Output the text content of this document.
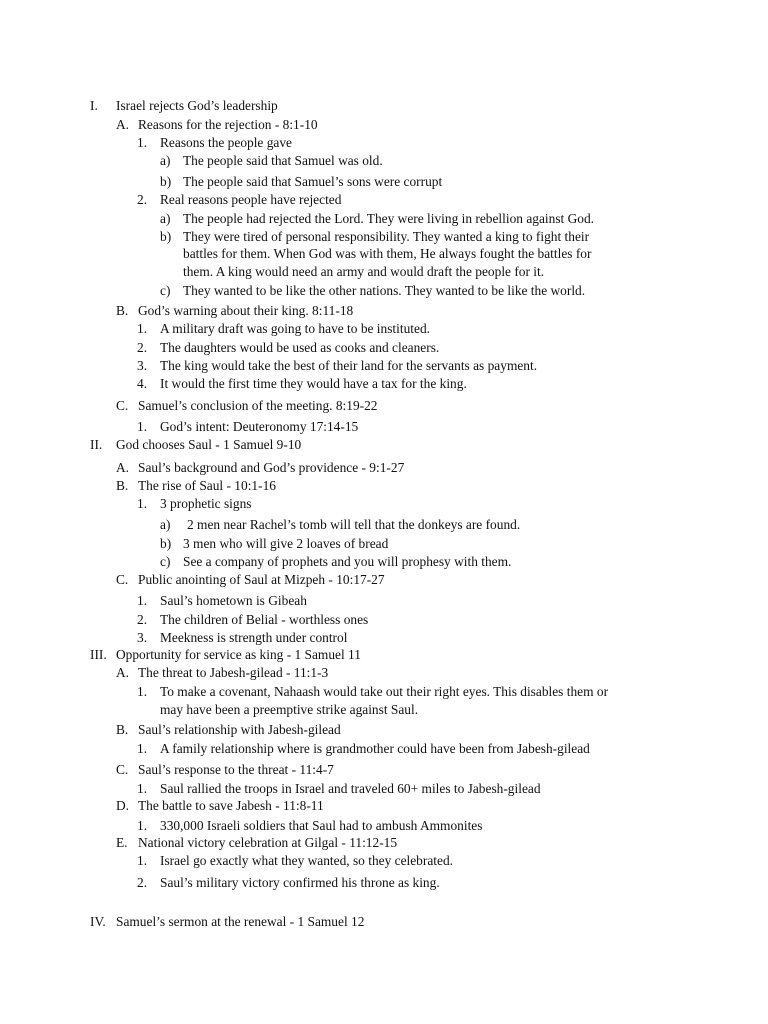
I. Israel rejects God’s leadership
A. Reasons for the rejection - 8:1-10
1. Reasons the people gave
a) The people said that Samuel was old.
b) The people said that Samuel’s sons were corrupt
2. Real reasons people have rejected
a) The people had rejected the Lord. They were living in rebellion against God.
b) They were tired of personal responsibility. They wanted a king to fight their
battles for them. When God was with them, He always fought the battles for
them. A king would need an army and would draft the people for it.
c) They wanted to be like the other nations. They wanted to be like the world.
B. God’s warning about their king. 8:11-18
1. A military draft was going to have to be instituted.
2. The daughters would be used as cooks and cleaners.
3. The king would take the best of their land for the servants as payment.
4. It would the first time they would have a tax for the king.
C. Samuel’s conclusion of the meeting. 8:19-22
1. God’s intent: Deuteronomy 17:14-15
II. God chooses Saul - 1 Samuel 9-10
A. Saul’s background and God’s providence - 9:1-27
B. The rise of Saul - 10:1-16
1. 3 prophetic signs
a) 2 men near Rachel’s tomb will tell that the donkeys are found.
b) 3 men who will give 2 loaves of bread
c) See a company of prophets and you will prophesy with them.
C. Public anointing of Saul at Mizpeh - 10:17-27
1. Saul’s hometown is Gibeah
2. The children of Belial - worthless ones
3. Meekness is strength under control
III. Opportunity for service as king - 1 Samuel 11
A. The threat to Jabesh-gilead - 11:1-3
1. To make a covenant, Nahaash would take out their right eyes. This disables them or
may have been a preemptive strike against Saul.
B. Saul’s relationship with Jabesh-gilead
1. A family relationship where is grandmother could have been from Jabesh-gilead
C. Saul’s response to the threat - 11:4-7
1. Saul rallied the troops in Israel and traveled 60+ miles to Jabesh-gilead
D. The battle to save Jabesh - 11:8-11
1. 330,000 Israeli soldiers that Saul had to ambush Ammonites
E. National victory celebration at Gilgal - 11:12-15
1. Israel go exactly what they wanted, so they celebrated.
2. Saul’s military victory confirmed his throne as king.
IV. Samuel’s sermon at the renewal - 1 Samuel 12
